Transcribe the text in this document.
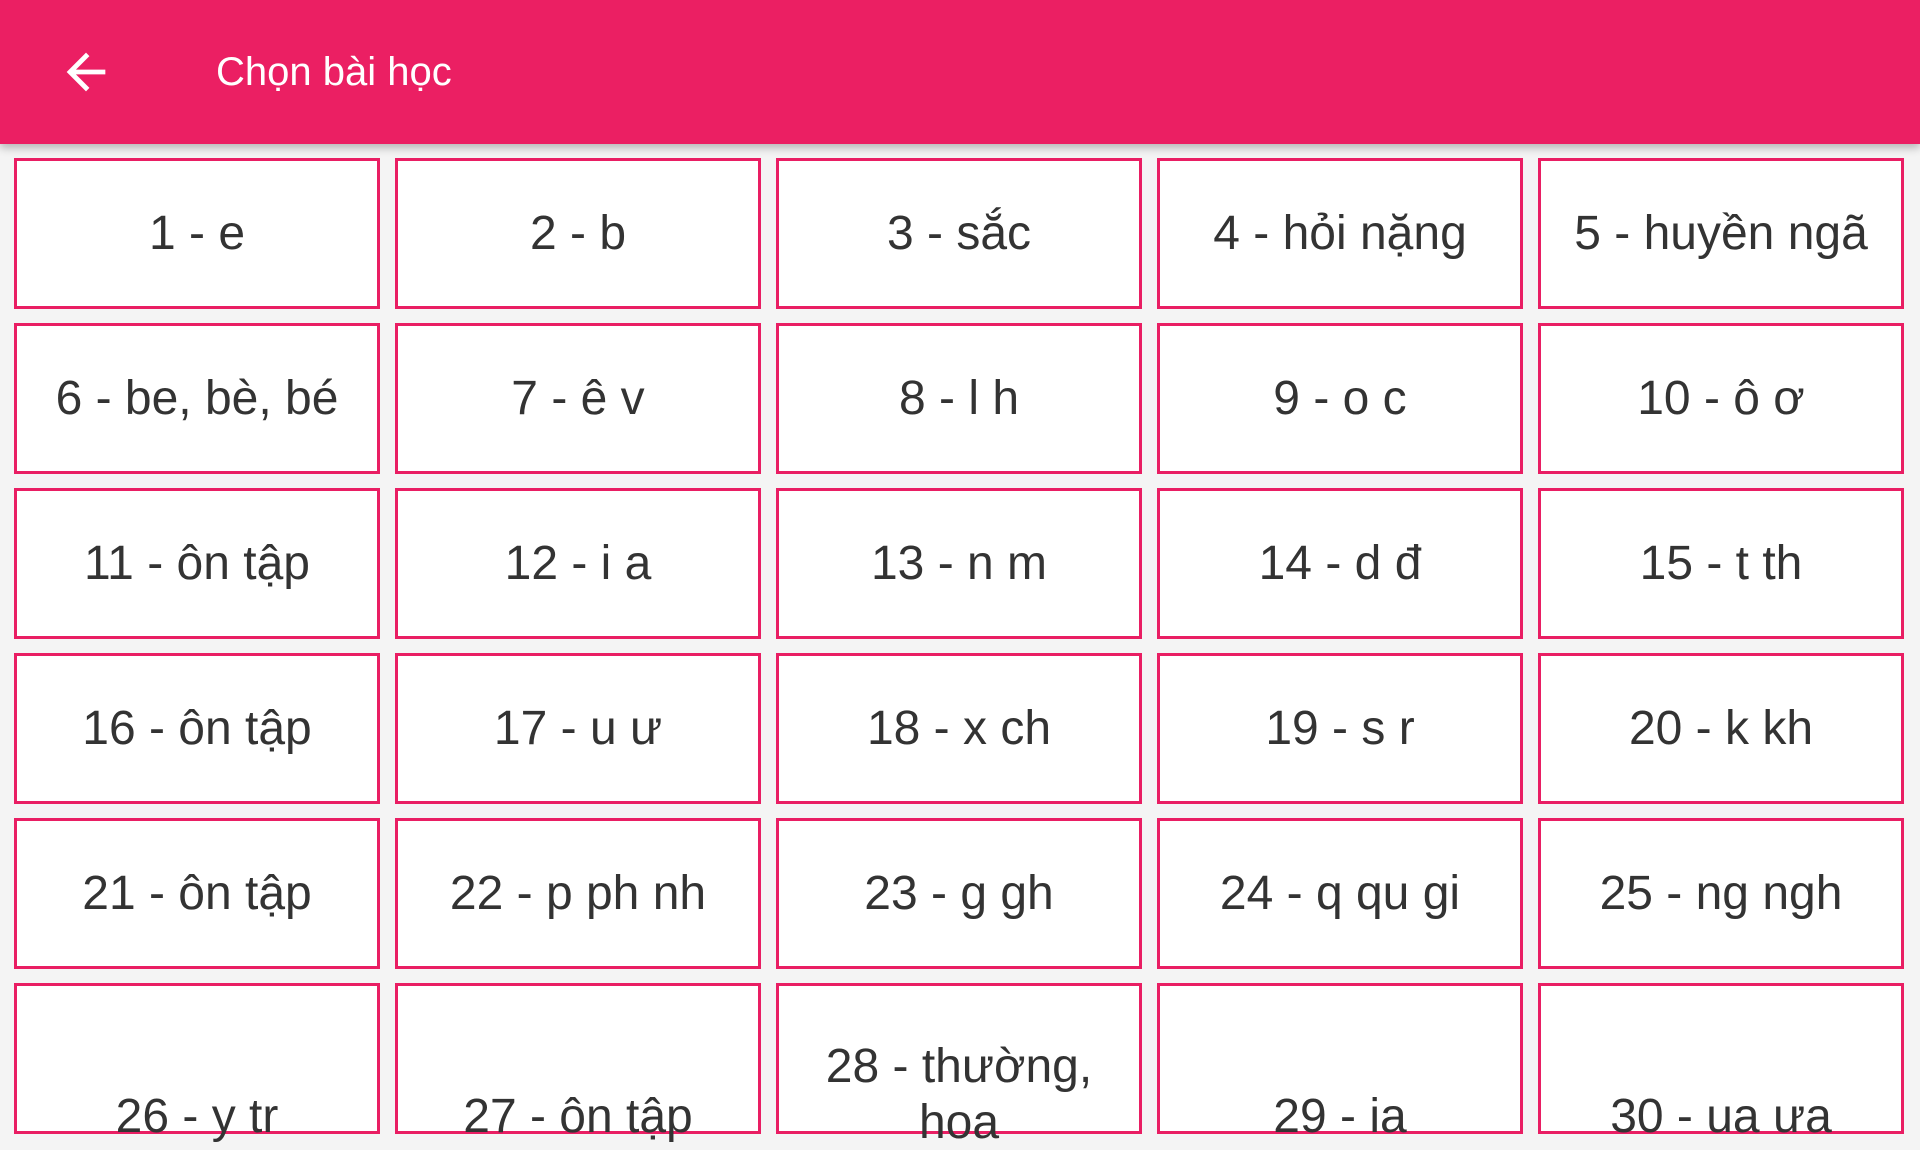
Chọn bài học
1 - e	2 - b	3 - sắc	4 - hỏi nặng 5 - huyền ngã
6 - be, bè, bé	7 - ê v	8 - l h	9 - o c	10 - ô ơ
11 - ôn tập	12 - i a	13 - n m	14 - d đ	15 - t th
16 - ôn tập	17 - u ư	18 - x ch	19 - s r	20 - k kh
21 - ôn tập	22 - p ph nh	23 - g gh	24 - q qu gi	25 - ng ngh
26 - y tr	27 - ôn tập
28 - thường, hoa	29 - ia	30 - ua ưa
